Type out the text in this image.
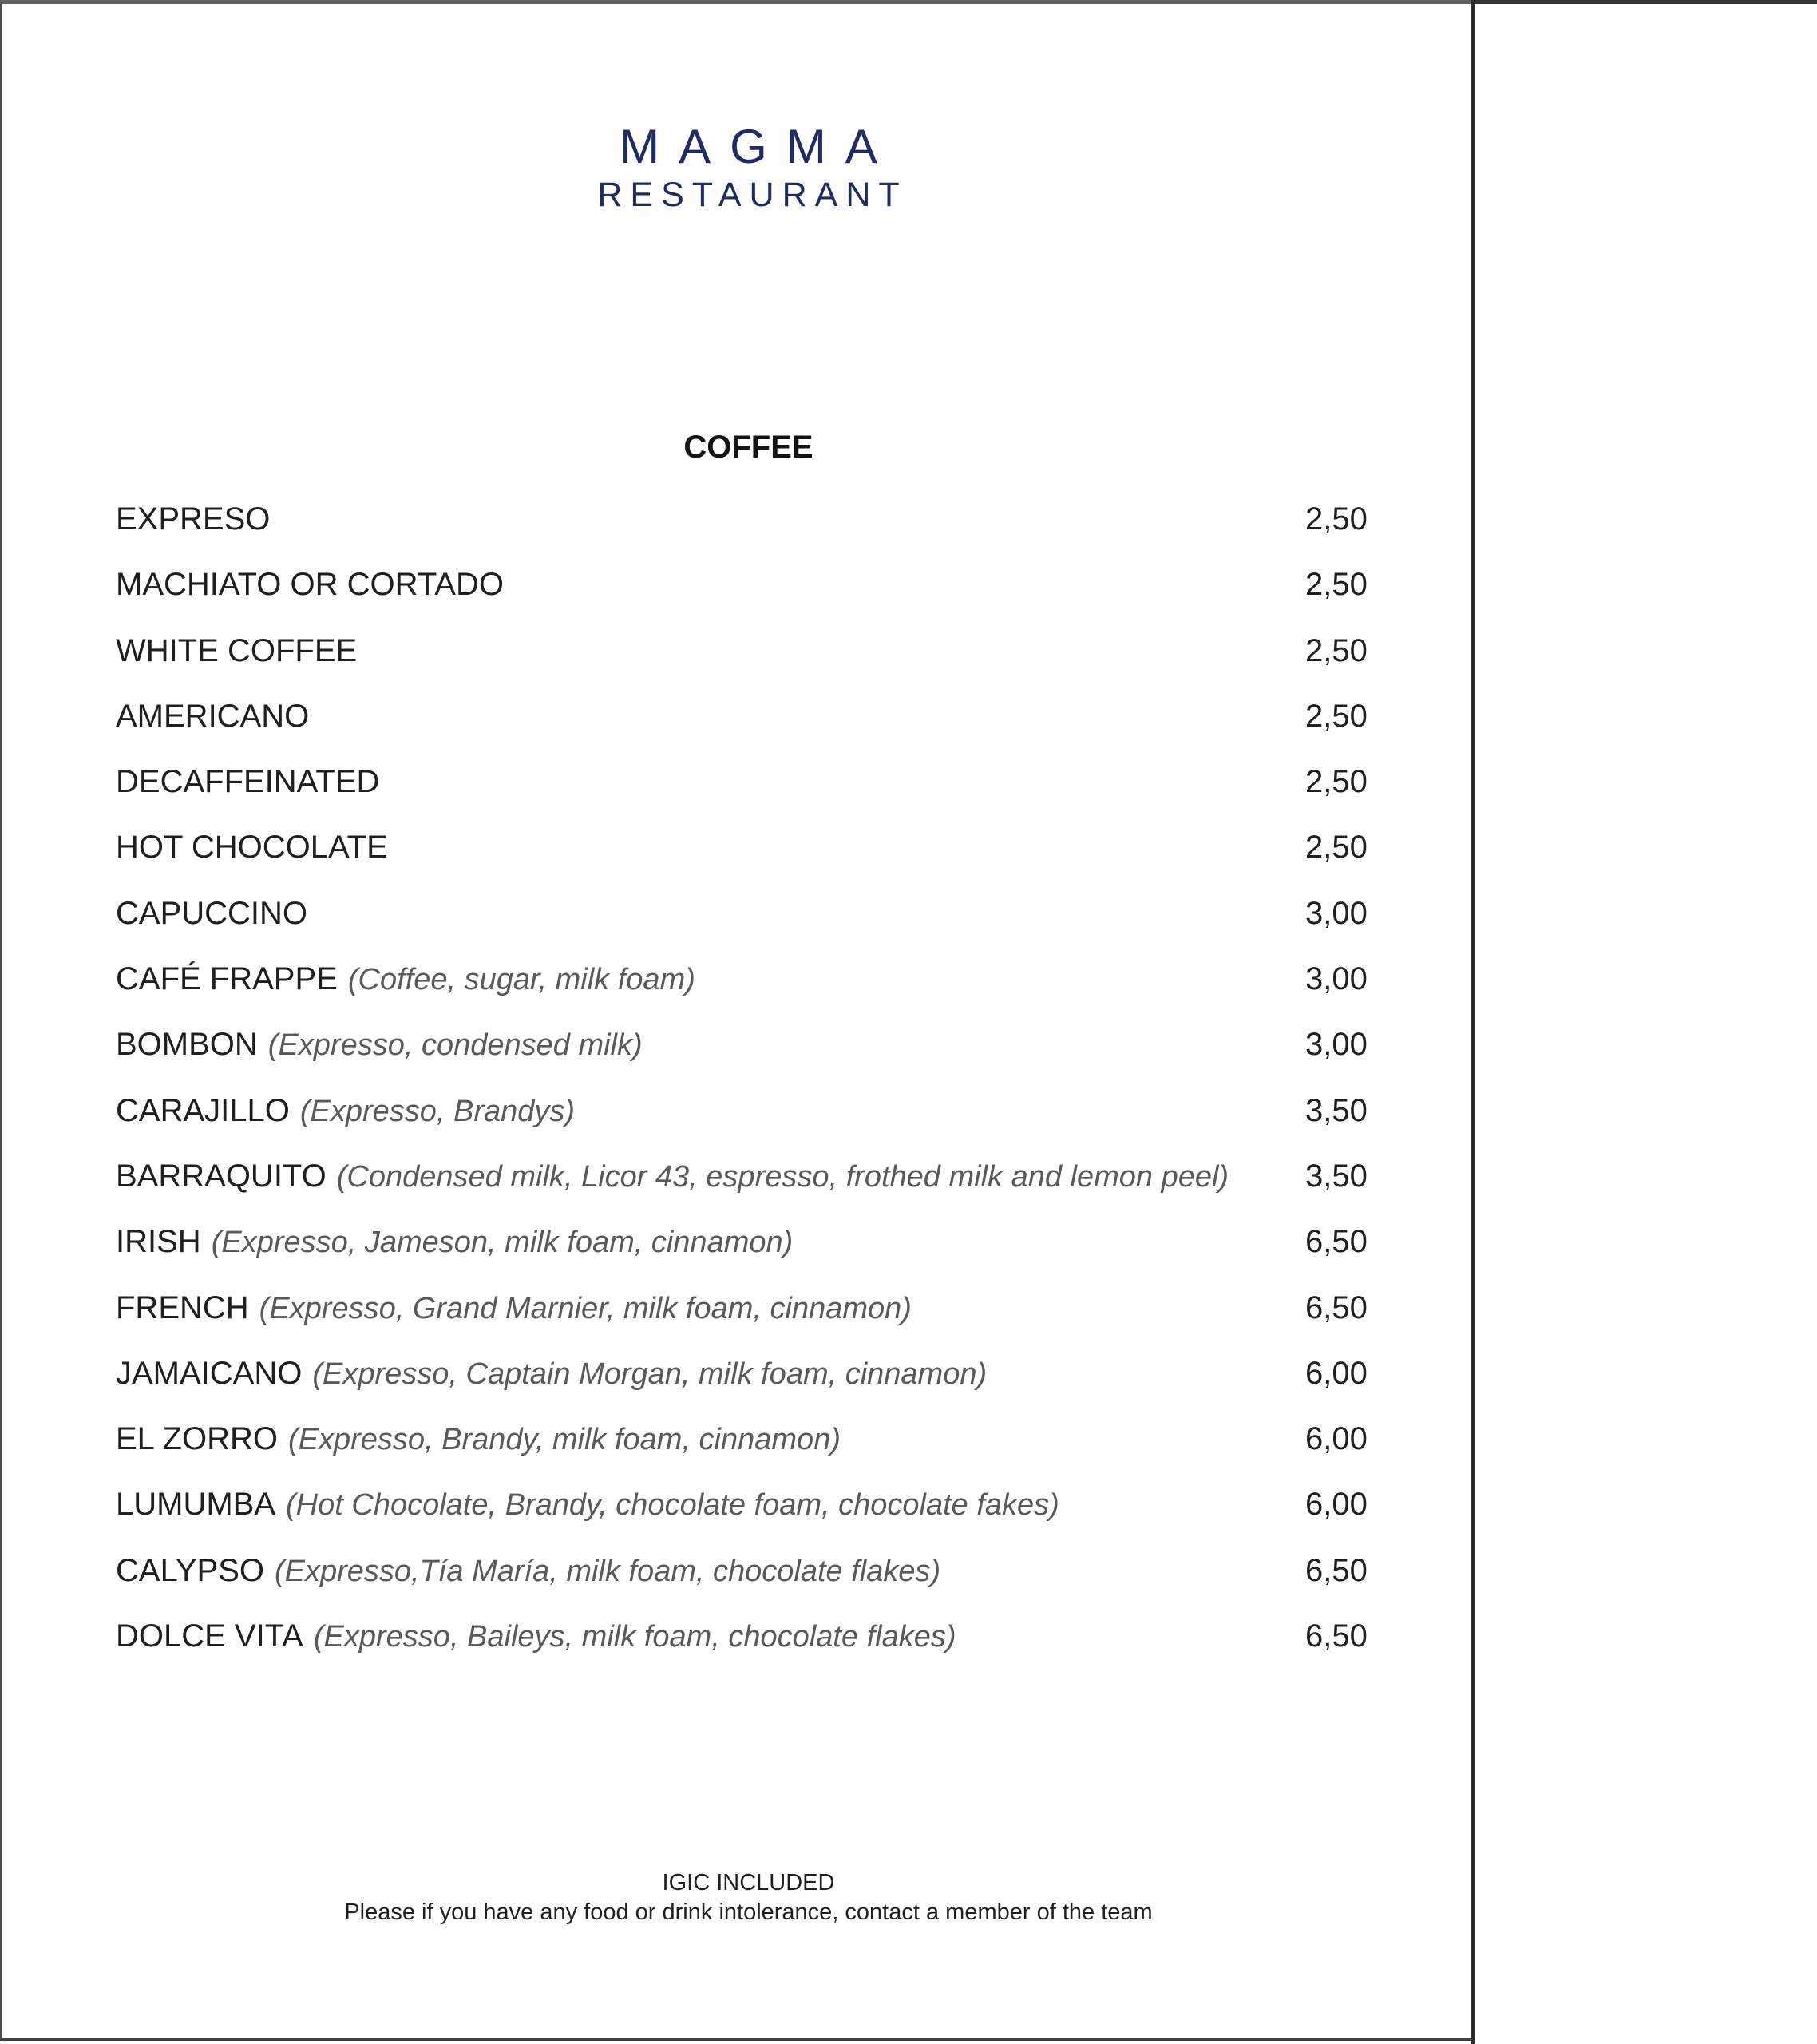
MAGMA
RESTAURANT
COFFEE
EXPRESO	2,50
MACHIATO OR CORTADO	2,50
WHITE COFFEE	2,50
AMERICANO	2,50
DECAFFEINATED	2,50
HOT CHOCOLATE	2,50
CAPUCCINO	3,00
CAFÉ FRAPPE (Coffee, sugar, milk foam)	3,00
BOMBON (Expresso, condensed milk)	3,00
CARAJILLO (Expresso, Brandys)	3,50
BARRAQUITO (Condensed milk, Licor 43, espresso, frothed milk and lemon peel) 3,50
IRISH (Expresso, Jameson, milk foam, cinnamon)	6,50
FRENCH (Expresso, Grand Marnier, milk foam, cinnamon)	6,50
JAMAICANO (Expresso, Captain Morgan, milk foam, cinnamon)	6,00
EL ZORRO (Expresso, Brandy, milk foam, cinnamon)	6,00
LUMUMBA (Hot Chocolate, Brandy, chocolate foam, chocolate fakes)	6,00
CALYPSO (Expresso,Tía María, milk foam, chocolate flakes)	6,50
DOLCE VITA (Expresso, Baileys, milk foam, chocolate flakes)	6,50
IGIC INCLUDED
Please if you have any food or drink intolerance, contact a member of the team
